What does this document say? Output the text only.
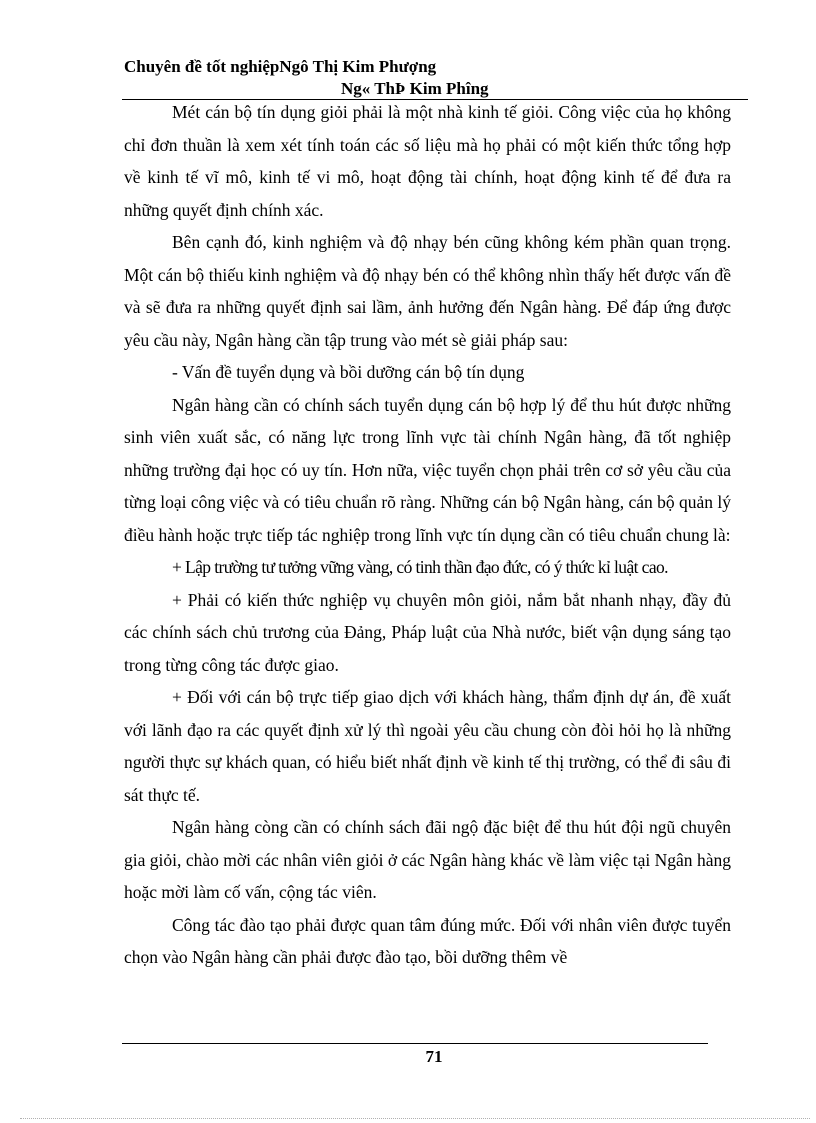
Chuyên đề tốt nghiệpNgô Thị Kim Phượng
Ng« ThÞ Kim Phîng

Mét cán bộ tín dụng giỏi phải là một nhà kinh tế giỏi. Công việc của họ không chỉ đơn thuần là xem xét tính toán các số liệu mà họ phải có một kiến thức tổng hợp về kinh tế vĩ mô, kinh tế vi mô, hoạt động tài chính, hoạt động kinh tế để đưa ra những quyết định chính xác.

Bên cạnh đó, kinh nghiệm và độ nhạy bén cũng không kém phần quan trọng. Một cán bộ thiếu kinh nghiệm và độ nhạy bén có thể không nhìn thấy hết được vấn đề và sẽ đưa ra những quyết định sai lầm, ảnh hưởng đến Ngân hàng. Để đáp ứng được yêu cầu này, Ngân hàng cần tập trung vào mét sè giải pháp sau:

- Vấn đề tuyển dụng và bồi dưỡng cán bộ tín dụng

Ngân hàng cần có chính sách tuyển dụng cán bộ hợp lý để thu hút được những sinh viên xuất sắc, có năng lực trong lĩnh vực tài chính Ngân hàng, đã tốt nghiệp những trường đại học có uy tín. Hơn nữa, việc tuyển chọn phải trên cơ sở yêu cầu của từng loại công việc và có tiêu chuẩn rõ ràng. Những cán bộ Ngân hàng, cán bộ quản lý điều hành hoặc trực tiếp tác nghiệp trong lĩnh vực tín dụng cần có tiêu chuẩn chung là:

+ Lập trường tư tưởng vững vàng, có tinh thần đạo đức, có ý thức kỉ luật cao.

+ Phải có kiến thức nghiệp vụ chuyên môn giỏi, nắm bắt nhanh nhạy, đầy đủ các chính sách chủ trương của Đảng, Pháp luật của Nhà nước, biết vận dụng sáng tạo trong từng công tác được giao.

+ Đối với cán bộ trực tiếp giao dịch với khách hàng, thẩm định dự án, đề xuất với lãnh đạo ra các quyết định xử lý thì ngoài yêu cầu chung còn đòi hỏi họ là những người thực sự khách quan, có hiểu biết nhất định về kinh tế thị trường, có thể đi sâu đi sát thực tế.

Ngân hàng còng cần có chính sách đãi ngộ đặc biệt để thu hút đội ngũ chuyên gia giỏi, chào mời các nhân viên giỏi ở các Ngân hàng khác về làm việc tại Ngân hàng hoặc mời làm cố vấn, cộng tác viên.

Công tác đào tạo phải được quan tâm đúng mức. Đối với nhân viên được tuyển chọn vào Ngân hàng cần phải được đào tạo, bồi dưỡng thêm về

71
